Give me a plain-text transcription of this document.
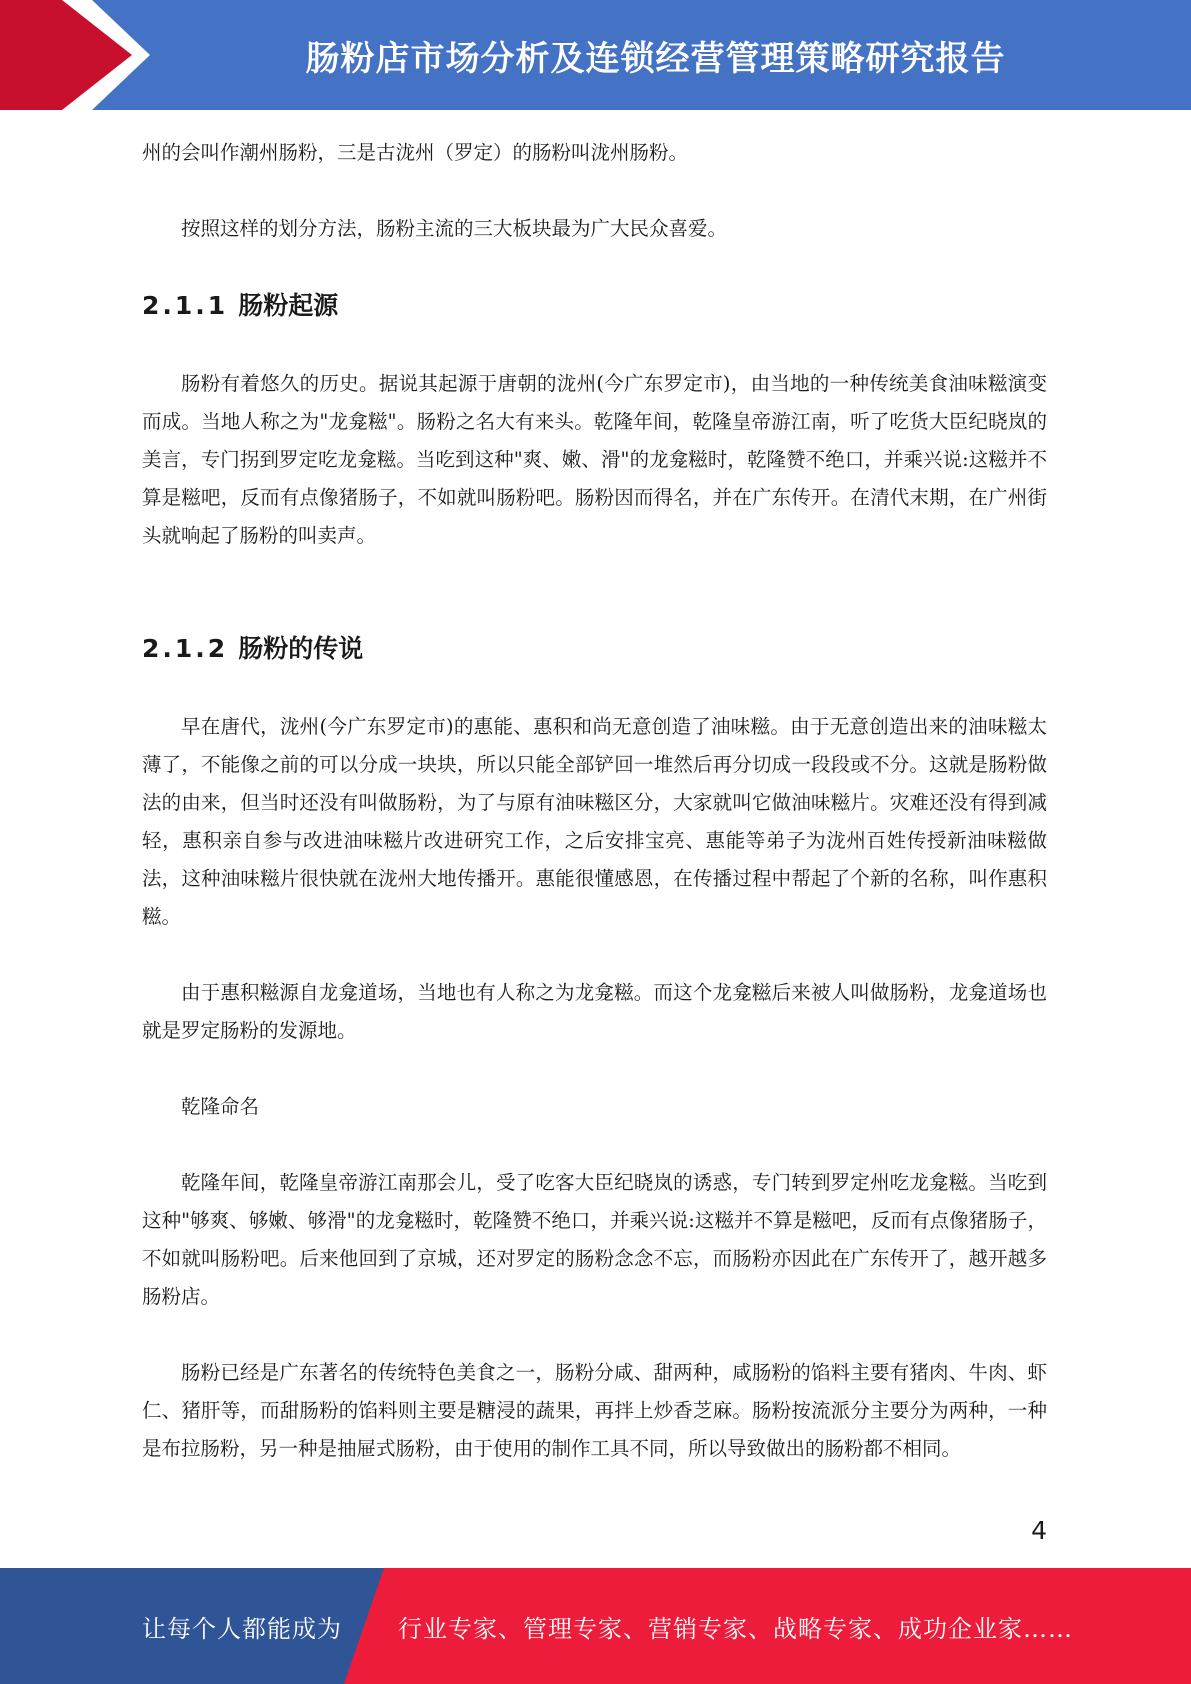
肠粉店市场分析及连锁经营管理策略研究报告

州的会叫作潮州肠粉，三是古泷州（罗定）的肠粉叫泷州肠粉。

按照这样的划分方法，肠粉主流的三大板块最为广大民众喜爱。

2.1.1 肠粉起源

肠粉有着悠久的历史。据说其起源于唐朝的泷州(今广东罗定市)，由当地的一种传统美食油味糍演变而成。当地人称之为"龙龛糍"。肠粉之名大有来头。乾隆年间，乾隆皇帝游江南，听了吃货大臣纪晓岚的美言，专门拐到罗定吃龙龛糍。当吃到这种"爽、嫩、滑"的龙龛糍时，乾隆赞不绝口，并乘兴说:这糍并不算是糍吧，反而有点像猪肠子，不如就叫肠粉吧。肠粉因而得名，并在广东传开。在清代末期，在广州街头就响起了肠粉的叫卖声。

2.1.2 肠粉的传说

早在唐代，泷州(今广东罗定市)的惠能、惠积和尚无意创造了油味糍。由于无意创造出来的油味糍太薄了，不能像之前的可以分成一块块，所以只能全部铲回一堆然后再分切成一段段或不分。这就是肠粉做法的由来，但当时还没有叫做肠粉，为了与原有油味糍区分，大家就叫它做油味糍片。灾难还没有得到减轻，惠积亲自参与改进油味糍片改进研究工作，之后安排宝亮、惠能等弟子为泷州百姓传授新油味糍做法，这种油味糍片很快就在泷州大地传播开。惠能很懂感恩，在传播过程中帮起了个新的名称，叫作惠积糍。

由于惠积糍源自龙龛道场，当地也有人称之为龙龛糍。而这个龙龛糍后来被人叫做肠粉，龙龛道场也就是罗定肠粉的发源地。

乾隆命名

乾隆年间，乾隆皇帝游江南那会儿，受了吃客大臣纪晓岚的诱惑，专门转到罗定州吃龙龛糍。当吃到这种"够爽、够嫩、够滑"的龙龛糍时，乾隆赞不绝口，并乘兴说:这糍并不算是糍吧，反而有点像猪肠子，不如就叫肠粉吧。后来他回到了京城，还对罗定的肠粉念念不忘，而肠粉亦因此在广东传开了，越开越多肠粉店。

肠粉已经是广东著名的传统特色美食之一，肠粉分咸、甜两种，咸肠粉的馅料主要有猪肉、牛肉、虾仁、猪肝等，而甜肠粉的馅料则主要是糖浸的蔬果，再拌上炒香芝麻。肠粉按流派分主要分为两种，一种是布拉肠粉，另一种是抽屉式肠粉，由于使用的制作工具不同，所以导致做出的肠粉都不相同。

4
让每个人都能成为 行业专家、管理专家、营销专家、战略专家、成功企业家……
